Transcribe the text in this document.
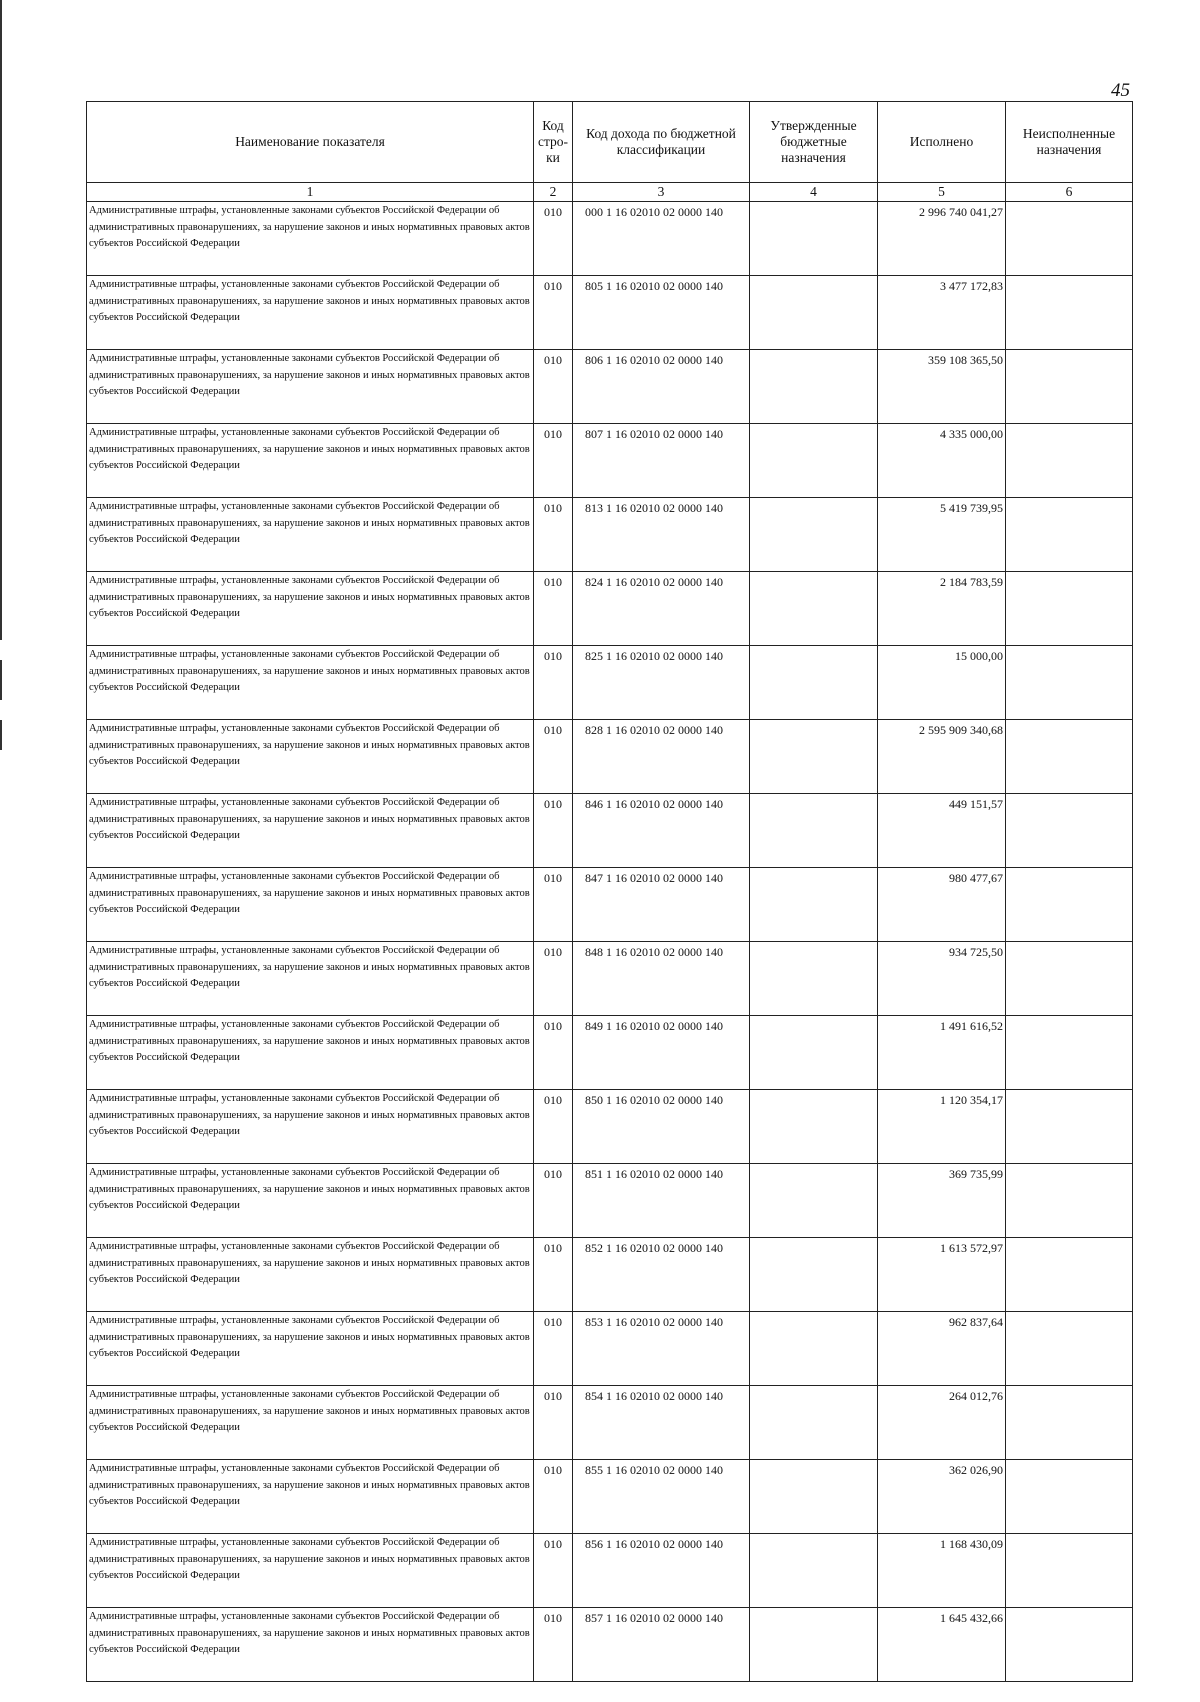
45
Наименование показателя	Код стро-ки	Код дохода по бюджетной классификации	Утвержденные бюджетные назначения	Исполнено	Неисполненные назначения
1	2	3	4	5	6
Административные штрафы, установленные законами субъектов Российской Федерации об административных правонарушениях, за нарушение законов и иных нормативных правовых актов субъектов Российской Федерации	010	000 1 16 02010 02 0000 140		2 996 740 041,27	
Административные штрафы, установленные законами субъектов Российской Федерации об административных правонарушениях, за нарушение законов и иных нормативных правовых актов субъектов Российской Федерации	010	805 1 16 02010 02 0000 140		3 477 172,83	
Административные штрафы, установленные законами субъектов Российской Федерации об административных правонарушениях, за нарушение законов и иных нормативных правовых актов субъектов Российской Федерации	010	806 1 16 02010 02 0000 140		359 108 365,50	
Административные штрафы, установленные законами субъектов Российской Федерации об административных правонарушениях, за нарушение законов и иных нормативных правовых актов субъектов Российской Федерации	010	807 1 16 02010 02 0000 140		4 335 000,00	
Административные штрафы, установленные законами субъектов Российской Федерации об административных правонарушениях, за нарушение законов и иных нормативных правовых актов субъектов Российской Федерации	010	813 1 16 02010 02 0000 140		5 419 739,95	
Административные штрафы, установленные законами субъектов Российской Федерации об административных правонарушениях, за нарушение законов и иных нормативных правовых актов субъектов Российской Федерации	010	824 1 16 02010 02 0000 140		2 184 783,59	
Административные штрафы, установленные законами субъектов Российской Федерации об административных правонарушениях, за нарушение законов и иных нормативных правовых актов субъектов Российской Федерации	010	825 1 16 02010 02 0000 140		15 000,00	
Административные штрафы, установленные законами субъектов Российской Федерации об административных правонарушениях, за нарушение законов и иных нормативных правовых актов субъектов Российской Федерации	010	828 1 16 02010 02 0000 140		2 595 909 340,68	
Административные штрафы, установленные законами субъектов Российской Федерации об административных правонарушениях, за нарушение законов и иных нормативных правовых актов субъектов Российской Федерации	010	846 1 16 02010 02 0000 140		449 151,57	
Административные штрафы, установленные законами субъектов Российской Федерации об административных правонарушениях, за нарушение законов и иных нормативных правовых актов субъектов Российской Федерации	010	847 1 16 02010 02 0000 140		980 477,67	
Административные штрафы, установленные законами субъектов Российской Федерации об административных правонарушениях, за нарушение законов и иных нормативных правовых актов субъектов Российской Федерации	010	848 1 16 02010 02 0000 140		934 725,50	
Административные штрафы, установленные законами субъектов Российской Федерации об административных правонарушениях, за нарушение законов и иных нормативных правовых актов субъектов Российской Федерации	010	849 1 16 02010 02 0000 140		1 491 616,52	
Административные штрафы, установленные законами субъектов Российской Федерации об административных правонарушениях, за нарушение законов и иных нормативных правовых актов субъектов Российской Федерации	010	850 1 16 02010 02 0000 140		1 120 354,17	
Административные штрафы, установленные законами субъектов Российской Федерации об административных правонарушениях, за нарушение законов и иных нормативных правовых актов субъектов Российской Федерации	010	851 1 16 02010 02 0000 140		369 735,99	
Административные штрафы, установленные законами субъектов Российской Федерации об административных правонарушениях, за нарушение законов и иных нормативных правовых актов субъектов Российской Федерации	010	852 1 16 02010 02 0000 140		1 613 572,97	
Административные штрафы, установленные законами субъектов Российской Федерации об административных правонарушениях, за нарушение законов и иных нормативных правовых актов субъектов Российской Федерации	010	853 1 16 02010 02 0000 140		962 837,64	
Административные штрафы, установленные законами субъектов Российской Федерации об административных правонарушениях, за нарушение законов и иных нормативных правовых актов субъектов Российской Федерации	010	854 1 16 02010 02 0000 140		264 012,76	
Административные штрафы, установленные законами субъектов Российской Федерации об административных правонарушениях, за нарушение законов и иных нормативных правовых актов субъектов Российской Федерации	010	855 1 16 02010 02 0000 140		362 026,90	
Административные штрафы, установленные законами субъектов Российской Федерации об административных правонарушениях, за нарушение законов и иных нормативных правовых актов субъектов Российской Федерации	010	856 1 16 02010 02 0000 140		1 168 430,09	
Административные штрафы, установленные законами субъектов Российской Федерации об административных правонарушениях, за нарушение законов и иных нормативных правовых актов субъектов Российской Федерации	010	857 1 16 02010 02 0000 140		1 645 432,66	
